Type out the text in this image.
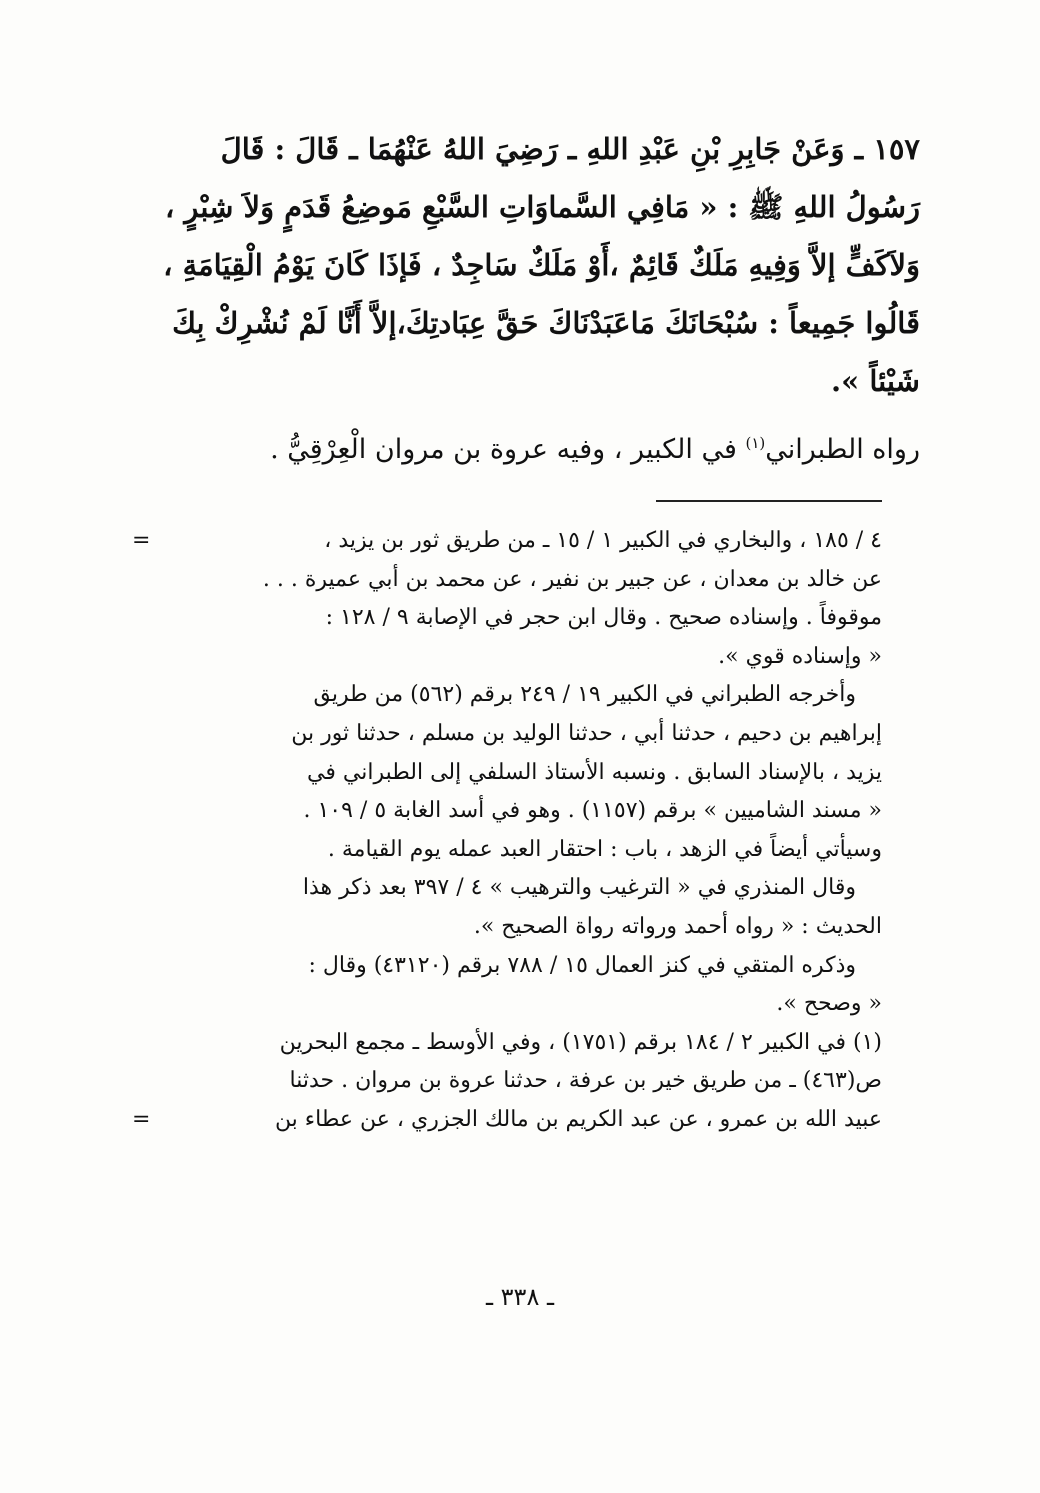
١٥٧ ـ وَعَنْ جَابِرِ بْنِ عَبْدِ اللهِ ـ رَضِيَ اللهُ عَنْهُمَا ـ قَالَ : قَالَ
رَسُولُ اللهِ ﷺ : « مَافِي السَّماوَاتِ السَّبْعِ مَوضِعُ قَدَمٍ وَلاَ شِبْرٍ ،
وَلاَكَفٍّ إلاَّ وَفِيهِ مَلَكٌ قَائِمٌ ،أَوْ مَلَكٌ سَاجِدٌ ، فَإذَا كَانَ يَوْمُ الْقِيَامَةِ ،
قَالُوا جَمِيعاً : سُبْحَانَكَ مَاعَبَدْنَاكَ حَقَّ عِبَادتِكَ،إلاَّ أَنَّا لَمْ نُشْرِكْ بِكَ
شَيْئاً ».
رواه الطبراني$^{(١)}$ في الكبير ، وفيه عروة بن مروان الْعِرْقِيُّ .
=	٤ / ١٨٥ ، والبخاري في الكبير ١ / ١٥ ـ من طريق ثور بن يزيد ،
عن خالد بن معدان ، عن جبير بن نفير ، عن محمد بن أبي عميرة . . .
موقوفاً . وإسناده صحيح . وقال ابن حجر في الإصابة ٩ / ١٢٨ :
« وإسناده قوي ».
وأخرجه الطبراني في الكبير ١٩ / ٢٤٩ برقم (٥٦٢) من طريق
إبراهيم بن دحيم ، حدثنا أبي ، حدثنا الوليد بن مسلم ، حدثنا ثور بن
يزيد ، بالإسناد السابق . ونسبه الأستاذ السلفي إلى الطبراني في
« مسند الشاميين » برقم (١١٥٧) . وهو في أسد الغابة ٥ / ١٠٩ .
وسيأتي أيضاً في الزهد ، باب : احتقار العبد عمله يوم القيامة .
وقال المنذري في « الترغيب والترهيب » ٤ / ٣٩٧ بعد ذكر هذا
الحديث : « رواه أحمد ورواته رواة الصحيح ».
وذكره المتقي في كنز العمال ١٥ / ٧٨٨ برقم (٤٣١٢٠) وقال :
« وصحح ».
(١) في الكبير ٢ / ١٨٤ برقم (١٧٥١) ، وفي الأوسط ـ مجمع البحرين
ص(٤٦٣) ـ من طريق خير بن عرفة ، حدثنا عروة بن مروان . حدثنا
عبيد الله بن عمرو ، عن عبد الكريم بن مالك الجزري ، عن عطاء بن
=
ـ ٣٣٨ ـ
